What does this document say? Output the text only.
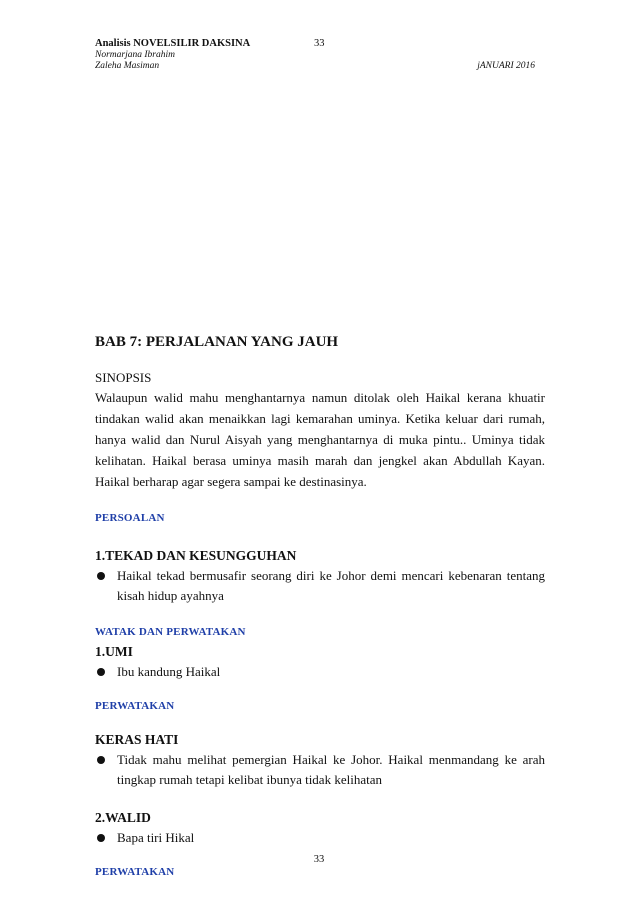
Analisis NOVELSILIR DAKSINA	33
Normarjana Ibrahim
Zaleha Masiman	jANUARI 2016
BAB 7: PERJALANAN YANG JAUH

SINOPSIS

Walaupun walid mahu menghantarnya namun ditolak oleh Haikal kerana khuatir tindakan walid akan menaikkan lagi kemarahan uminya. Ketika keluar dari rumah, hanya walid dan Nurul Aisyah yang menghantarnya di muka pintu.. Uminya tidak kelihatan. Haikal berasa uminya masih marah dan jengkel akan Abdullah Kayan. Haikal berharap agar segera sampai ke destinasinya.

PERSOALAN

1.TEKAD DAN KESUNGGUHAN

Haikal tekad bermusafir seorang diri ke Johor demi mencari kebenaran tentang kisah hidup ayahnya

WATAK DAN PERWATAKAN

1.UMI

Ibu kandung Haikal

PERWATAKAN

KERAS HATI

Tidak mahu melihat pemergian Haikal ke Johor. Haikal menmandang ke arah tingkap rumah tetapi kelibat ibunya tidak kelihatan

2.WALID

Bapa tiri Hikal

PERWATAKAN

33
